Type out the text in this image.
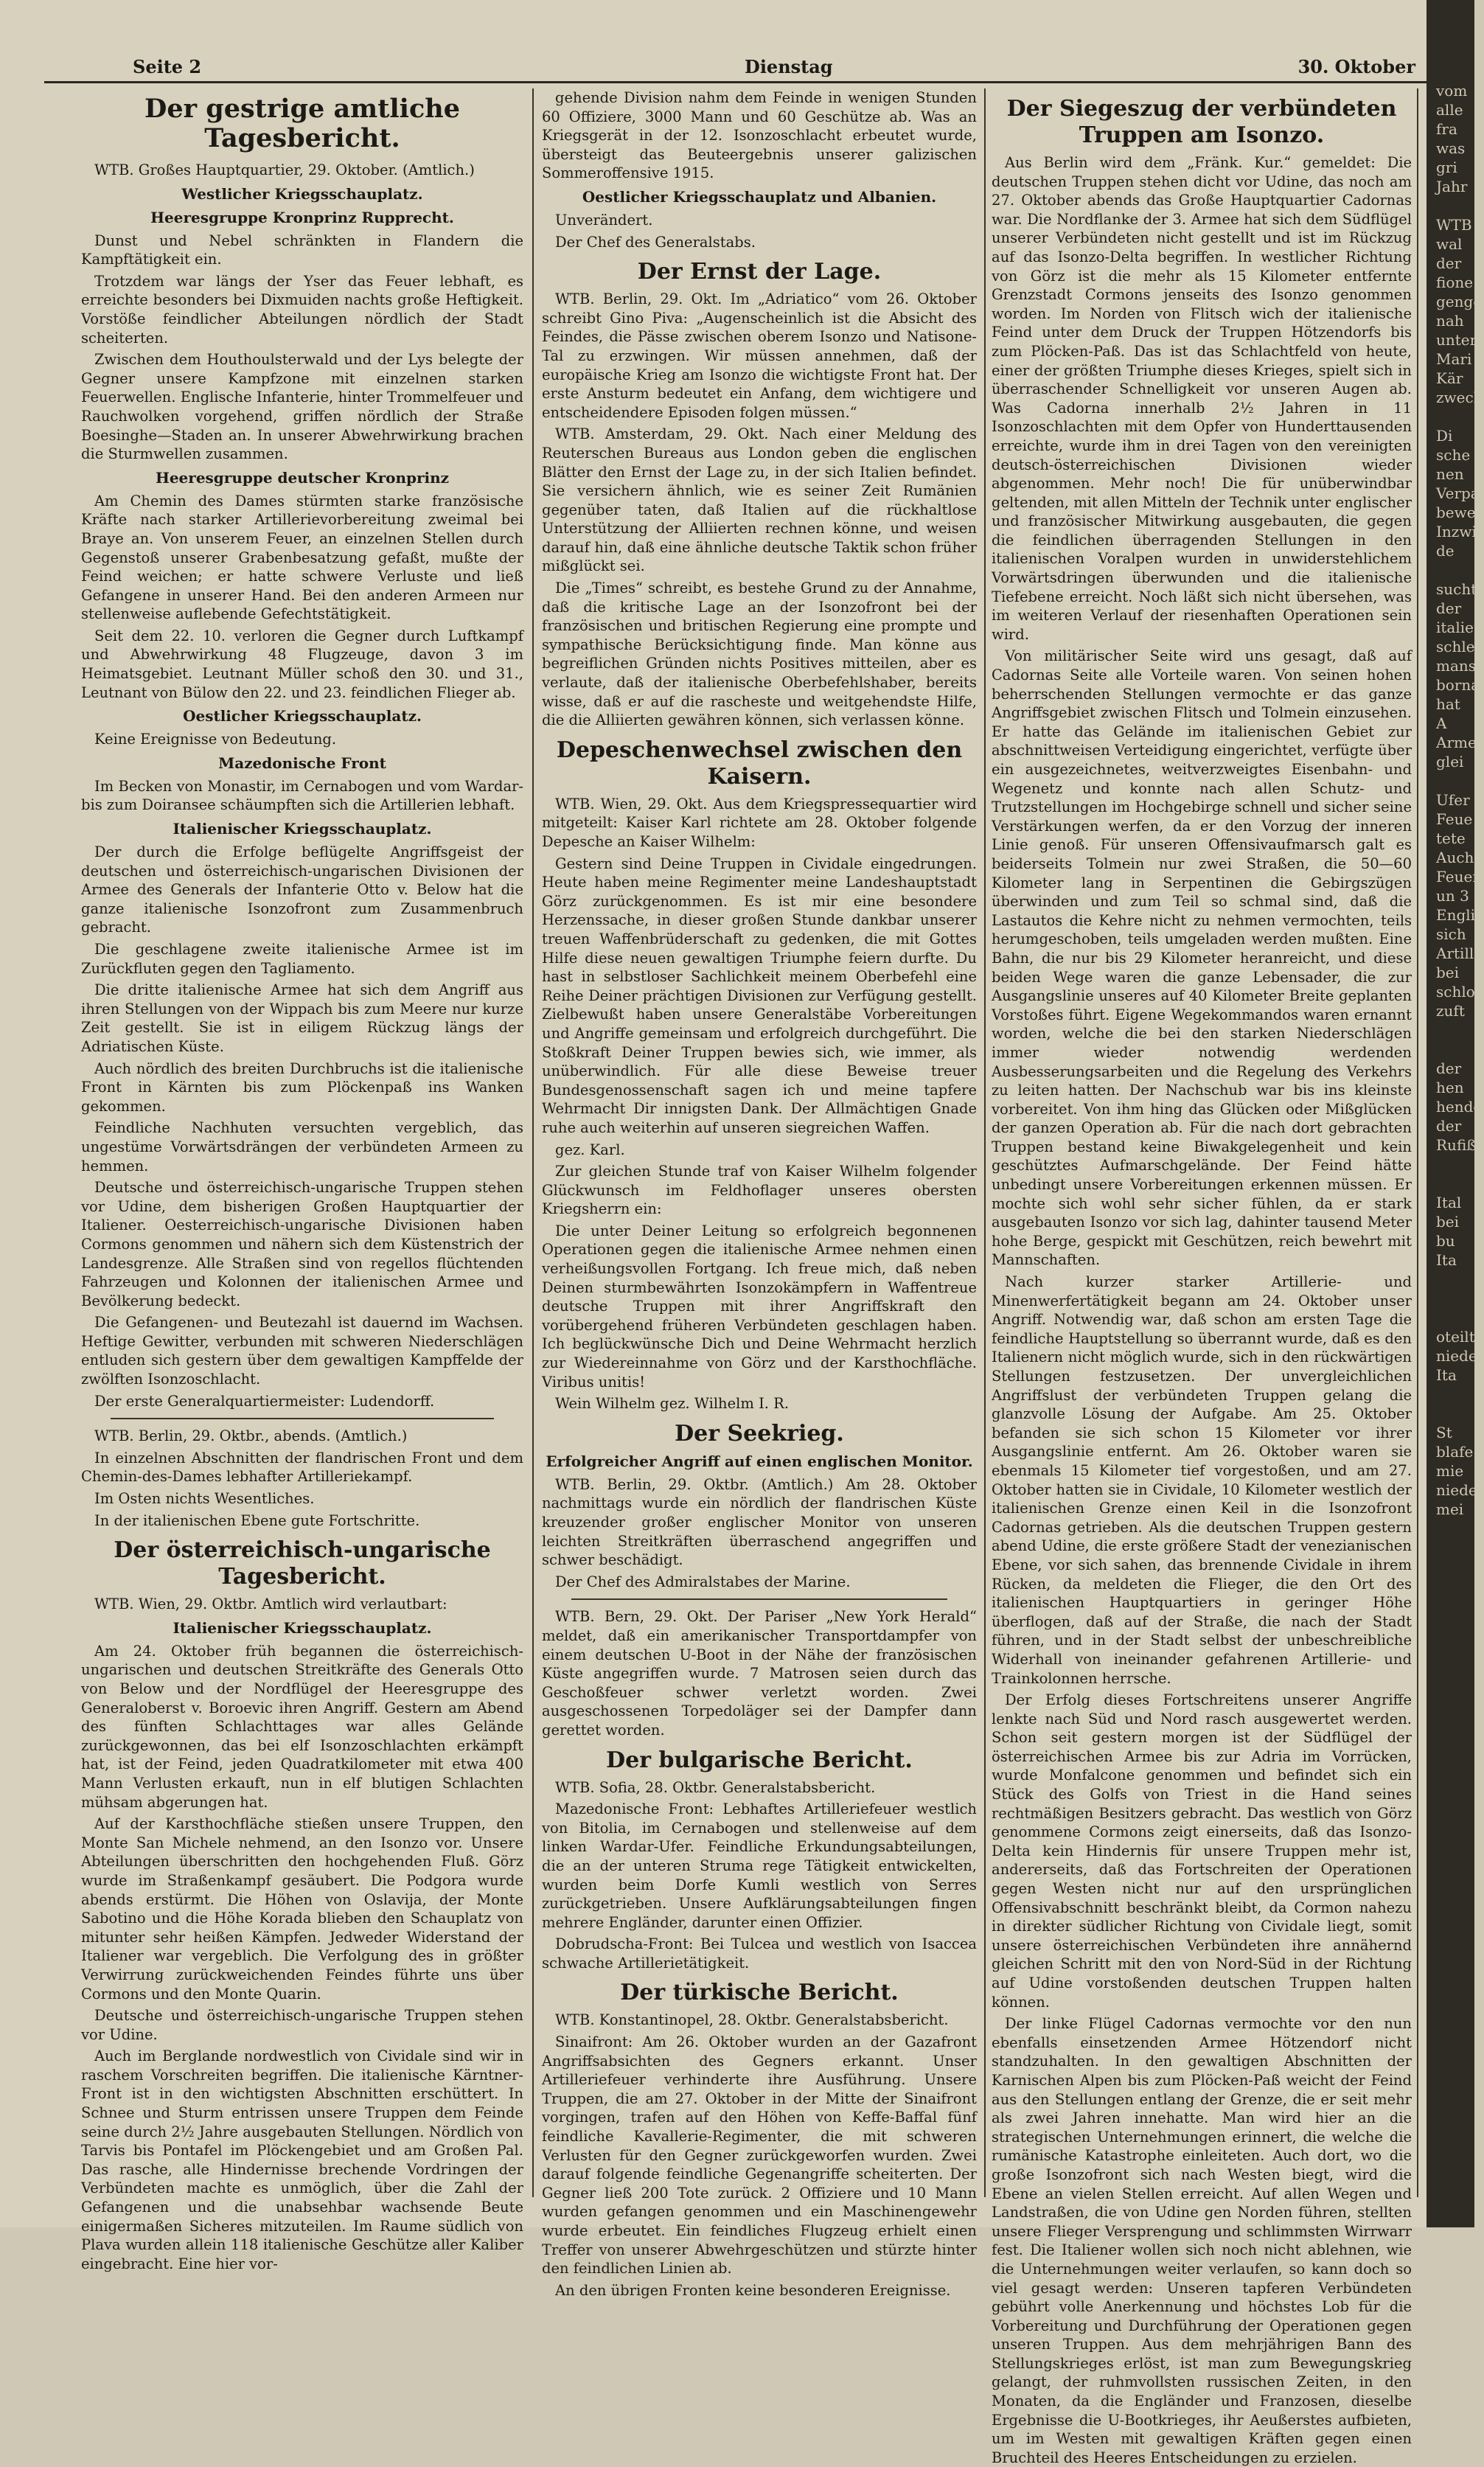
Seite 2	Dienstag	30. Oktober
Der gestrige amtliche Tagesbericht.

WTB. Großes Hauptquartier, 29. Oktober. (Amtlich.)

Westlicher Kriegsschauplatz.
Heeresgruppe Kronprinz Rupprecht.

Dunst und Nebel schränkten in Flandern die Kampftätigkeit ein.

Trotzdem war längs der Yser das Feuer lebhaft, es erreichte besonders bei Dixmuiden nachts große Heftigkeit. Vorstöße feindlicher Abteilungen nördlich der Stadt scheiterten.

Zwischen dem Houthoulsterwald und der Lys belegte der Gegner unsere Kampfzone mit einzelnen starken Feuerwellen. Englische Infanterie, hinter Trommelfeuer und Rauchwolken vorgehend, griffen nördlich der Straße Boesinghe—Staden an. In unserer Abwehrwirkung brachen die Sturmwellen zusammen.

Heeresgruppe deutscher Kronprinz

Am Chemin des Dames stürmten starke französische Kräfte nach starker Artillerievorbereitung zweimal bei Braye an. Von unserem Feuer, an einzelnen Stellen durch Gegenstoß unserer Grabenbesatzung gefaßt, mußte der Feind weichen; er hatte schwere Verluste und ließ Gefangene in unserer Hand. Bei den anderen Armeen nur stellenweise auflebende Gefechtstätigkeit.

Seit dem 22. 10. verloren die Gegner durch Luftkampf und Abwehrwirkung 48 Flugzeuge, davon 3 im Heimatsgebiet. Leutnant Müller schoß den 30. und 31., Leutnant von Bülow den 22. und 23. feindlichen Flieger ab.

Oestlicher Kriegsschauplatz.

Keine Ereignisse von Bedeutung.

Mazedonische Front

Im Becken von Monastir, im Cernabogen und vom Wardar- bis zum Doiransee schäumpften sich die Artillerien lebhaft.

Italienischer Kriegsschauplatz.

Der durch die Erfolge beflügelte Angriffsgeist der deutschen und österreichisch-ungarischen Divisionen der Armee des Generals der Infanterie Otto v. Below hat die ganze italienische Isonzofront zum Zusammenbruch gebracht.

Die geschlagene zweite italienische Armee ist im Zurückfluten gegen den Tagliamento.

Die dritte italienische Armee hat sich dem Angriff aus ihren Stellungen von der Wippach bis zum Meere nur kurze Zeit gestellt. Sie ist in eiligem Rückzug längs der Adriatischen Küste.

Auch nördlich des breiten Durchbruchs ist die italienische Front in Kärnten bis zum Plöckenpaß ins Wanken gekommen.

Feindliche Nachhuten versuchten vergeblich, das ungestüme Vorwärtsdrängen der verbündeten Armeen zu hemmen.

Deutsche und österreichisch-ungarische Truppen stehen vor Udine, dem bisherigen Großen Hauptquartier der Italiener. Oesterreichisch-ungarische Divisionen haben Cormons genommen und nähern sich dem Küstenstrich der Landesgrenze. Alle Straßen sind von regellos flüchtenden Fahrzeugen und Kolonnen der italienischen Armee und Bevölkerung bedeckt.

Die Gefangenen- und Beutezahl ist dauernd im Wachsen. Heftige Gewitter, verbunden mit schweren Niederschlägen entluden sich gestern über dem gewaltigen Kampffelde der zwölften Isonzoschlacht.

Der erste Generalquartiermeister: Ludendorff.

WTB. Berlin, 29. Oktbr., abends. (Amtlich.)

In einzelnen Abschnitten der flandrischen Front und dem Chemin-des-Dames lebhafter Artilleriekampf.

Im Osten nichts Wesentliches.

In der italienischen Ebene gute Fortschritte.

Der österreichisch-ungarische Tagesbericht.

WTB. Wien, 29. Oktbr. Amtlich wird verlautbart:

Italienischer Kriegsschauplatz.

Am 24. Oktober früh begannen die österreichisch-ungarischen und deutschen Streitkräfte des Generals Otto von Below und der Nordflügel der Heeresgruppe des Generaloberst v. Boroevic ihren Angriff. Gestern am Abend des fünften Schlachttages war alles Gelände zurückgewonnen, das bei elf Isonzoschlachten erkämpft hat, ist der Feind, jeden Quadratkilometer mit etwa 400 Mann Verlusten erkauft, nun in elf blutigen Schlachten mühsam abgerungen hat.

Auf der Karsthochfläche stießen unsere Truppen, den Monte San Michele nehmend, an den Isonzo vor. Unsere Abteilungen überschritten den hochgehenden Fluß. Görz wurde im Straßenkampf gesäubert. Die Podgora wurde abends erstürmt. Die Höhen von Oslavija, der Monte Sabotino und die Höhe Korada blieben den Schauplatz von mitunter sehr heißen Kämpfen. Jedweder Widerstand der Italiener war vergeblich. Die Verfolgung des in größter Verwirrung zurückweichenden Feindes führte uns über Cormons und den Monte Quarin.

Deutsche und österreichisch-ungarische Truppen stehen vor Udine.

Auch im Berglande nordwestlich von Cividale sind wir in raschem Vorschreiten begriffen. Die italienische Kärntner-Front ist in den wichtigsten Abschnitten erschüttert. In Schnee und Sturm entrissen unsere Truppen dem Feinde seine durch 2½ Jahre ausgebauten Stellungen. Nördlich von Tarvis bis Pontafel im Plöckengebiet und am Großen Pal. Das rasche, alle Hindernisse brechende Vordringen der Verbündeten machte es unmöglich, über die Zahl der Gefangenen und die unabsehbar wachsende Beute einigermaßen Sicheres mitzuteilen. Im Raume südlich von Plava wurden allein 118 italienische Geschütze aller Kaliber eingebracht. Eine hier vor-

gehende Division nahm dem Feinde in wenigen Stunden 60 Offiziere, 3000 Mann und 60 Geschütze ab. Was an Kriegsgerät in der 12. Isonzoschlacht erbeutet wurde, übersteigt das Beuteergebnis unserer galizischen Sommeroffensive 1915.

Oestlicher Kriegsschauplatz und Albanien.

Unverändert.

Der Chef des Generalstabs.

Der Ernst der Lage.

WTB. Berlin, 29. Okt. Im „Adriatico“ vom 26. Oktober schreibt Gino Piva: „Augenscheinlich ist die Absicht des Feindes, die Pässe zwischen oberem Isonzo und Natisone-Tal zu erzwingen. Wir müssen annehmen, daß der europäische Krieg am Isonzo die wichtigste Front hat. Der erste Ansturm bedeutet ein Anfang, dem wichtigere und entscheidendere Episoden folgen müssen.“

WTB. Amsterdam, 29. Okt. Nach einer Meldung des Reuterschen Bureaus aus London geben die englischen Blätter den Ernst der Lage zu, in der sich Italien befindet. Sie versichern ähnlich, wie es seiner Zeit Rumänien gegenüber taten, daß Italien auf die rückhaltlose Unterstützung der Alliierten rechnen könne, und weisen darauf hin, daß eine ähnliche deutsche Taktik schon früher mißglückt sei.

Die „Times“ schreibt, es bestehe Grund zu der Annahme, daß die kritische Lage an der Isonzofront bei der französischen und britischen Regierung eine prompte und sympathische Berücksichtigung finde. Man könne aus begreiflichen Gründen nichts Positives mitteilen, aber es verlaute, daß der italienische Oberbefehlshaber, bereits wisse, daß er auf die rascheste und weitgehendste Hilfe, die die Alliierten gewähren können, sich verlassen könne.

Depeschenwechsel zwischen den Kaisern.

WTB. Wien, 29. Okt. Aus dem Kriegspressequartier wird mitgeteilt: Kaiser Karl richtete am 28. Oktober folgende Depesche an Kaiser Wilhelm:

Gestern sind Deine Truppen in Cividale eingedrungen. Heute haben meine Regimenter meine Landeshauptstadt Görz zurückgenommen. Es ist mir eine besondere Herzenssache, in dieser großen Stunde dankbar unserer treuen Waffenbrüderschaft zu gedenken, die mit Gottes Hilfe diese neuen gewaltigen Triumphe feiern durfte. Du hast in selbstloser Sachlichkeit meinem Oberbefehl eine Reihe Deiner prächtigen Divisionen zur Verfügung gestellt. Zielbewußt haben unsere Generalstäbe Vorbereitungen und Angriffe gemeinsam und erfolgreich durchgeführt. Die Stoßkraft Deiner Truppen bewies sich, wie immer, als unüberwindlich. Für alle diese Beweise treuer Bundesgenossenschaft sagen ich und meine tapfere Wehrmacht Dir innigsten Dank. Der Allmächtigen Gnade ruhe auch weiterhin auf unseren siegreichen Waffen.

gez. Karl.

Zur gleichen Stunde traf von Kaiser Wilhelm folgender Glückwunsch im Feldhoflager unseres obersten Kriegsherrn ein:

Die unter Deiner Leitung so erfolgreich begonnenen Operationen gegen die italienische Armee nehmen einen verheißungsvollen Fortgang. Ich freue mich, daß neben Deinen sturmbewährten Isonzokämpfern in Waffentreue deutsche Truppen mit ihrer Angriffskraft den vorübergehend früheren Verbündeten geschlagen haben. Ich beglückwünsche Dich und Deine Wehrmacht herzlich zur Wiedereinnahme von Görz und der Karsthochfläche. Viribus unitis!

Wein Wilhelm gez. Wilhelm I. R.

Der Seekrieg.
Erfolgreicher Angriff auf einen englischen Monitor.

WTB. Berlin, 29. Oktbr. (Amtlich.) Am 28. Oktober nachmittags wurde ein nördlich der flandrischen Küste kreuzender großer englischer Monitor von unseren leichten Streitkräften überraschend angegriffen und schwer beschädigt.

Der Chef des Admiralstabes der Marine.

WTB. Bern, 29. Okt. Der Pariser „New York Herald“ meldet, daß ein amerikanischer Transportdampfer von einem deutschen U-Boot in der Nähe der französischen Küste angegriffen wurde. 7 Matrosen seien durch das Geschoßfeuer schwer verletzt worden. Zwei ausgeschossenen Torpedoläger sei der Dampfer dann gerettet worden.

Der bulgarische Bericht.

WTB. Sofia, 28. Oktbr. Generalstabsbericht.

Mazedonische Front: Lebhaftes Artilleriefeuer westlich von Bitolia, im Cernabogen und stellenweise auf dem linken Wardar-Ufer. Feindliche Erkundungsabteilungen, die an der unteren Struma rege Tätigkeit entwickelten, wurden beim Dorfe Kumli westlich von Serres zurückgetrieben. Unsere Aufklärungsabteilungen fingen mehrere Engländer, darunter einen Offizier.

Dobrudscha-Front: Bei Tulcea und westlich von Isaccea schwache Artillerietätigkeit.

Der türkische Bericht.

WTB. Konstantinopel, 28. Oktbr. Generalstabsbericht.

Sinaifront: Am 26. Oktober wurden an der Gazafront Angriffsabsichten des Gegners erkannt. Unser Artilleriefeuer verhinderte ihre Ausführung. Unsere Truppen, die am 27. Oktober in der Mitte der Sinaifront vorgingen, trafen auf den Höhen von Keffe-Baffal fünf feindliche Kavallerie-Regimenter, die mit schweren Verlusten für den Gegner zurückgeworfen wurden. Zwei darauf folgende feindliche Gegenangriffe scheiterten. Der Gegner ließ 200 Tote zurück. 2 Offiziere und 10 Mann wurden gefangen genommen und ein Maschinengewehr wurde erbeutet. Ein feindliches Flugzeug erhielt einen Treffer von unserer Abwehrgeschützen und stürzte hinter den feindlichen Linien ab.

An den übrigen Fronten keine besonderen Ereignisse.

Der Siegeszug der verbündeten Truppen am Isonzo.

Aus Berlin wird dem „Fränk. Kur.“ gemeldet: Die deutschen Truppen stehen dicht vor Udine, das noch am 27. Oktober abends das Große Hauptquartier Cadornas war. Die Nordflanke der 3. Armee hat sich dem Südflügel unserer Verbündeten nicht gestellt und ist im Rückzug auf das Isonzo-Delta begriffen. In westlicher Richtung von Görz ist die mehr als 15 Kilometer entfernte Grenzstadt Cormons jenseits des Isonzo genommen worden. Im Norden von Flitsch wich der italienische Feind unter dem Druck der Truppen Hötzendorfs bis zum Plöcken-Paß. Das ist das Schlachtfeld von heute, einer der größten Triumphe dieses Krieges, spielt sich in überraschender Schnelligkeit vor unseren Augen ab. Was Cadorna innerhalb 2½ Jahren in 11 Isonzoschlachten mit dem Opfer von Hunderttausenden erreichte, wurde ihm in drei Tagen von den vereinigten deutsch-österreichischen Divisionen wieder abgenommen. Mehr noch! Die für unüberwindbar geltenden, mit allen Mitteln der Technik unter englischer und französischer Mitwirkung ausgebauten, die gegen die feindlichen überragenden Stellungen in den italienischen Voralpen wurden in unwiderstehlichem Vorwärtsdringen überwunden und die italienische Tiefebene erreicht. Noch läßt sich nicht übersehen, was im weiteren Verlauf der riesenhaften Operationen sein wird.

Von militärischer Seite wird uns gesagt, daß auf Cadornas Seite alle Vorteile waren. Von seinen hohen beherrschenden Stellungen vermochte er das ganze Angriffsgebiet zwischen Flitsch und Tolmein einzusehen. Er hatte das Gelände im italienischen Gebiet zur abschnittweisen Verteidigung eingerichtet, verfügte über ein ausgezeichnetes, weitverzweigtes Eisenbahn- und Wegenetz und konnte nach allen Schutz- und Trutzstellungen im Hochgebirge schnell und sicher seine Verstärkungen werfen, da er den Vorzug der inneren Linie genoß. Für unseren Offensivaufmarsch galt es beiderseits Tolmein nur zwei Straßen, die 50—60 Kilometer lang in Serpentinen die Gebirgszügen überwinden und zum Teil so schmal sind, daß die Lastautos die Kehre nicht zu nehmen vermochten, teils herumgeschoben, teils umgeladen werden mußten. Eine Bahn, die nur bis 29 Kilometer heranreicht, und diese beiden Wege waren die ganze Lebensader, die zur Ausgangslinie unseres auf 40 Kilometer Breite geplanten Vorstoßes führt. Eigene Wegekommandos waren ernannt worden, welche die bei den starken Niederschlägen immer wieder notwendig werdenden Ausbesserungsarbeiten und die Regelung des Verkehrs zu leiten hatten. Der Nachschub war bis ins kleinste vorbereitet. Von ihm hing das Glücken oder Mißglücken der ganzen Operation ab. Für die nach dort gebrachten Truppen bestand keine Biwakgelegenheit und kein geschütztes Aufmarschgelände. Der Feind hätte unbedingt unsere Vorbereitungen erkennen müssen. Er mochte sich wohl sehr sicher fühlen, da er stark ausgebauten Isonzo vor sich lag, dahinter tausend Meter hohe Berge, gespickt mit Geschützen, reich bewehrt mit Mannschaften.

Nach kurzer starker Artillerie- und Minenwerfertätigkeit begann am 24. Oktober unser Angriff. Notwendig war, daß schon am ersten Tage die feindliche Hauptstellung so überrannt wurde, daß es den Italienern nicht möglich wurde, sich in den rückwärtigen Stellungen festzusetzen. Der unvergleichlichen Angriffslust der verbündeten Truppen gelang die glanzvolle Lösung der Aufgabe. Am 25. Oktober befanden sie sich schon 15 Kilometer vor ihrer Ausgangslinie entfernt. Am 26. Oktober waren sie ebenmals 15 Kilometer tief vorgestoßen, und am 27. Oktober hatten sie in Cividale, 10 Kilometer westlich der italienischen Grenze einen Keil in die Isonzofront Cadornas getrieben. Als die deutschen Truppen gestern abend Udine, die erste größere Stadt der venezianischen Ebene, vor sich sahen, das brennende Cividale in ihrem Rücken, da meldeten die Flieger, die den Ort des italienischen Hauptquartiers in geringer Höhe überflogen, daß auf der Straße, die nach der Stadt führen, und in der Stadt selbst der unbeschreibliche Widerhall von ineinander gefahrenen Artillerie- und Trainkolonnen herrsche.

Der Erfolg dieses Fortschreitens unserer Angriffe lenkte nach Süd und Nord rasch ausgewertet werden. Schon seit gestern morgen ist der Südflügel der österreichischen Armee bis zur Adria im Vorrücken, wurde Monfalcone genommen und befindet sich ein Stück des Golfs von Triest in die Hand seines rechtmäßigen Besitzers gebracht. Das westlich von Görz genommene Cormons zeigt einerseits, daß das Isonzo-Delta kein Hindernis für unsere Truppen mehr ist, andererseits, daß das Fortschreiten der Operationen gegen Westen nicht nur auf den ursprünglichen Offensivabschnitt beschränkt bleibt, da Cormon nahezu in direkter südlicher Richtung von Cividale liegt, somit unsere österreichischen Verbündeten ihre annähernd gleichen Schritt mit den von Nord-Süd in der Richtung auf Udine vorstoßenden deutschen Truppen halten können.

Der linke Flügel Cadornas vermochte vor den nun ebenfalls einsetzenden Armee Hötzendorf nicht standzuhalten. In den gewaltigen Abschnitten der Karnischen Alpen bis zum Plöcken-Paß weicht der Feind aus den Stellungen entlang der Grenze, die er seit mehr als zwei Jahren innehatte. Man wird hier an die strategischen Unternehmungen erinnert, die welche die rumänische Katastrophe einleiteten. Auch dort, wo die große Isonzofront sich nach Westen biegt, wird die Ebene an vielen Stellen erreicht. Auf allen Wegen und Landstraßen, die von Udine gen Norden führen, stellten unsere Flieger Versprengung und schlimmsten Wirrwarr fest. Die Italiener wollen sich noch nicht ablehnen, wie die Unternehmungen weiter verlaufen, so kann doch so viel gesagt werden: Unseren tapferen Verbündeten gebührt volle Anerkennung und höchstes Lob für die Vorbereitung und Durchführung der Operationen gegen unseren Truppen. Aus dem mehrjährigen Bann des Stellungskrieges erlöst, ist man zum Bewegungskrieg gelangt, der ruhmvollsten russischen Zeiten, in den Monaten, da die Engländer und Franzosen, dieselbe Ergebnisse die U-Bootkrieges, ihr Aeußerstes aufbieten, um im Westen mit gewaltigen Kräften gegen einen Bruchteil des Heeres Entscheidungen zu erzielen.

vom
alle
fra
was
gri
Jahr

WTB
wal
der
fione
genge
nah
unter
Mari
Kär
zweck

Di
sche
nen
Verpa
bewe
Inzwi
de

sucht
der
italien
schle
mans
borna
hat A
Arme
glei

Ufer
Feue
tete
Auch
Feuer
un 3
Engli
sich
Artille
bei
schlo
zuft

der
hen
hende
der
Rufiß

Ital
bei
bu
Ita

oteilt
nieder
Ita

St
blafe
mie
nieder
mei
